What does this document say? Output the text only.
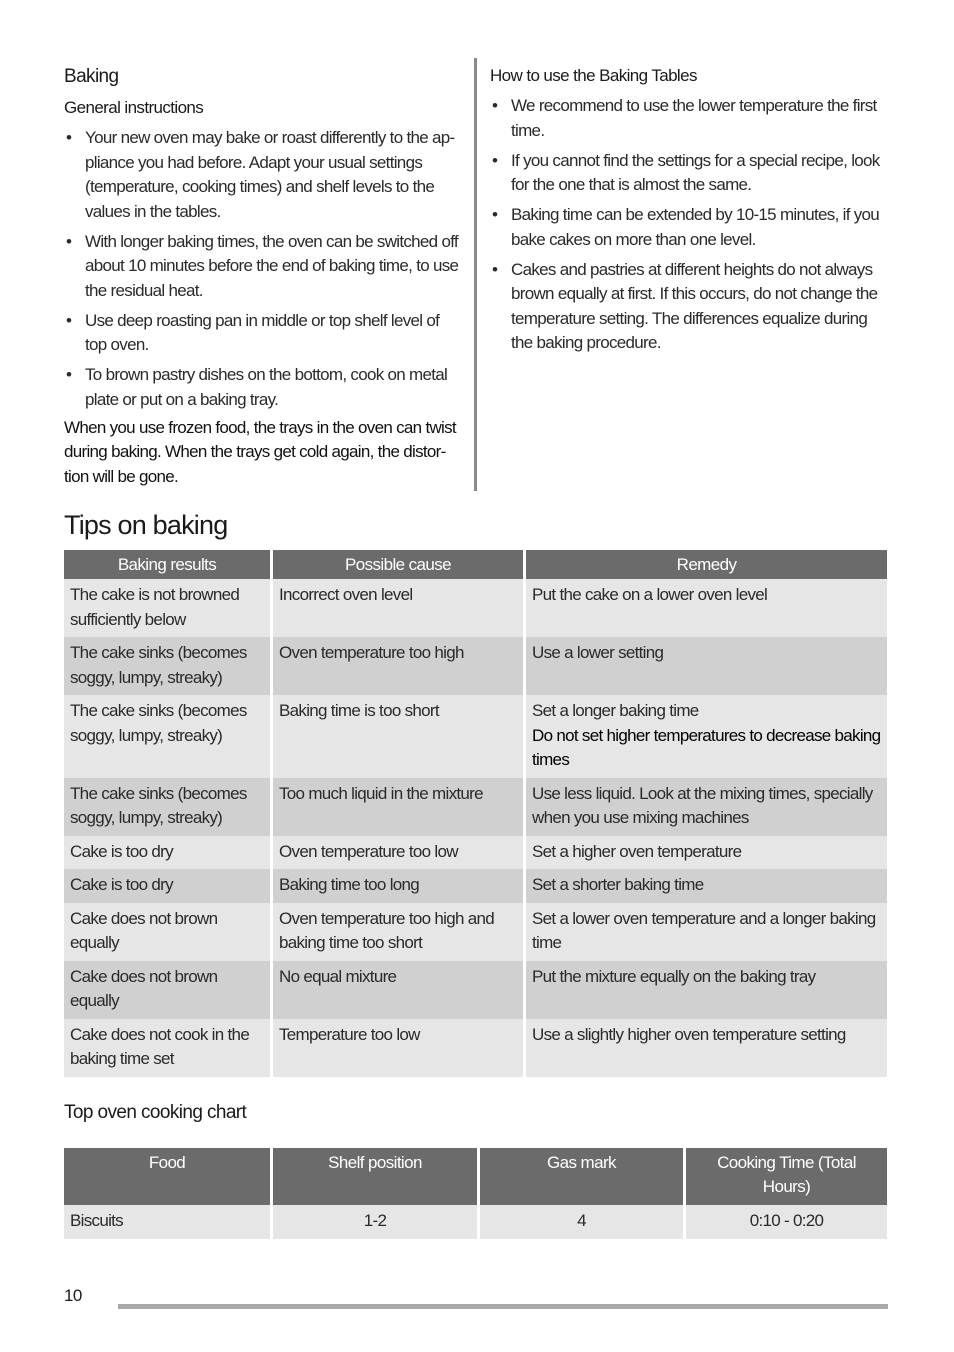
Baking
General instructions
• Your new oven may bake or roast differently to the ap-pliance you had before. Adapt your usual settings (temperature, cooking times) and shelf levels to the values in the tables.
• With longer baking times, the oven can be switched off about 10 minutes before the end of baking time, to use the residual heat.
• Use deep roasting pan in middle or top shelf level of top oven.
• To brown pastry dishes on the bottom, cook on metal plate or put on a baking tray.

When you use frozen food, the trays in the oven can twist during baking. When the trays get cold again, the distor-tion will be gone.

How to use the Baking Tables
• We recommend to use the lower temperature the first time.
• If you cannot find the settings for a special recipe, look for the one that is almost the same.
• Baking time can be extended by 10-15 minutes, if you bake cakes on more than one level.
• Cakes and pastries at different heights do not always brown equally at first. If this occurs, do not change the temperature setting. The differences equalize during the baking procedure.
Tips on baking
Baking results	Possible cause	Remedy
The cake is not browned sufficiently below	Incorrect oven level	Put the cake on a lower oven level
The cake sinks (becomes soggy, lumpy, streaky)	Oven temperature too high	Use a lower setting
The cake sinks (becomes soggy, lumpy, streaky)	Baking time is too short	Set a longer baking time
Do not set higher temperatures to decrease baking times

The cake sinks (becomes soggy, lumpy, streaky)	Too much liquid in the mixture	Use less liquid. Look at the mixing times, specially when you use mixing machines
Cake is too dry	Oven temperature too low	Set a higher oven temperature
Cake is too dry	Baking time too long	Set a shorter baking time
Cake does not brown equally	Oven temperature too high and baking time too short	Set a lower oven temperature and a longer baking time
Cake does not brown equally	No equal mixture	Put the mixture equally on the baking tray
Cake does not cook in the baking time set	Temperature too low	Use a slightly higher oven temperature setting
Top oven cooking chart
Food	Shelf position	Gas mark	Cooking Time (Total Hours)
Biscuits	1-2	4	0:10 - 0:20
10
